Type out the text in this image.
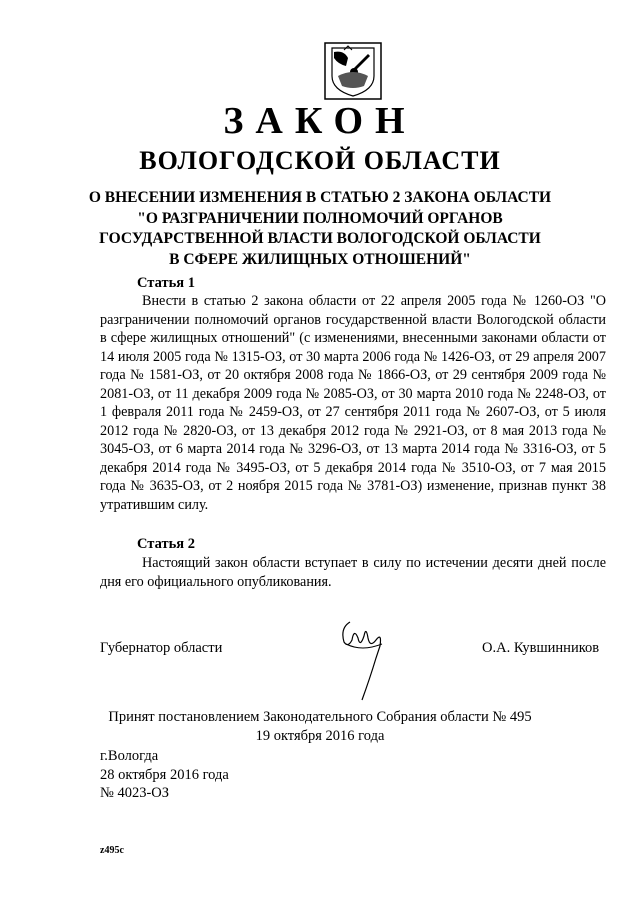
ЗАКОН
ВОЛОГОДСКОЙ ОБЛАСТИ
О ВНЕСЕНИИ ИЗМЕНЕНИЯ В СТАТЬЮ 2 ЗАКОНА ОБЛАСТИ
"О РАЗГРАНИЧЕНИИ ПОЛНОМОЧИЙ ОРГАНОВ
ГОСУДАРСТВЕННОЙ ВЛАСТИ ВОЛОГОДСКОЙ ОБЛАСТИ
В СФЕРЕ ЖИЛИЩНЫХ ОТНОШЕНИЙ"
Статья 1
Внести в статью 2 закона области от 22 апреля 2005 года № 1260-ОЗ "О разграничении полномочий органов государственной власти Вологодской области в сфере жилищных отношений" (с изменениями, внесенными законами области от 14 июля 2005 года № 1315-ОЗ, от 30 марта 2006 года № 1426-ОЗ, от 29 апреля 2007 года № 1581-ОЗ, от 20 октября 2008 года № 1866-ОЗ, от 29 сентября 2009 года № 2081-ОЗ, от 11 декабря 2009 года № 2085-ОЗ, от 30 марта 2010 года № 2248-ОЗ, от 1 февраля 2011 года № 2459-ОЗ, от 27 сентября 2011 года № 2607-ОЗ, от 5 июля 2012 года № 2820-ОЗ, от 13 декабря 2012 года № 2921-ОЗ, от 8 мая 2013 года № 3045-ОЗ, от 6 марта 2014 года № 3296-ОЗ, от 13 марта 2014 года № 3316-ОЗ, от 5 декабря 2014 года № 3495-ОЗ, от 5 декабря 2014 года № 3510-ОЗ, от 7 мая 2015 года № 3635-ОЗ, от 2 ноября 2015 года № 3781-ОЗ) изменение, признав пункт 38 утратившим силу.
Статья 2
Настоящий закон области вступает в силу по истечении десяти дней после дня его официального опубликования.
Губернатор области	О.А. Кувшинников
Принят постановлением Законодательного Собрания области № 495
19 октября 2016 года
г.Вологда
28 октября 2016 года
№ 4023-ОЗ
z495c
